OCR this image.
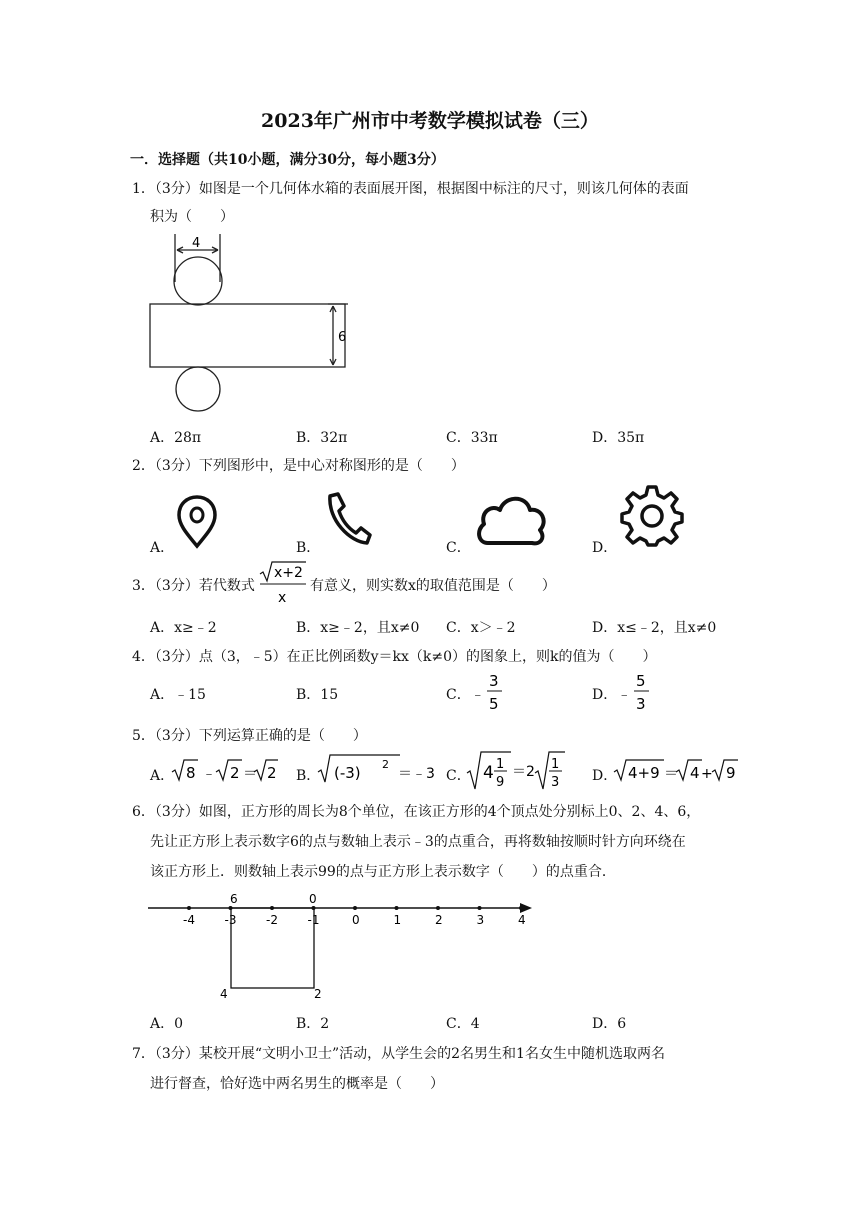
2023年广州市中考数学模拟试卷（三）
一．选择题（共10小题，满分30分，每小题3分）
1．（3分）如图是一个几何体水箱的表面展开图，根据图中标注的尺寸，则该几何体的表面
积为（　　）
4
6
A．28π	B．32π	C．33π	D．35π
2．（3分）下列图形中，是中心对称图形的是（　　）
A．	B．	C．	D．
3．（3分）若代数式
x+2
x
有意义，则实数x的取值范围是（　　）
A．x≥﹣2	B．x≥﹣2，且x≠0 C．x＞﹣2	D．x≤﹣2，且x≠0
4．（3分）点（3，﹣5）在正比例函数y＝kx（k≠0）的图象上，则k的值为（　　）
A．﹣15	B．15	C．﹣
3
5	D．﹣
5
3
5．（3分）下列运算正确的是（　　）
A． 8 ﹣ 2 ＝ 2 B． (-3) 2
＝﹣3 C． 4 1
9
＝2 1
3 D． 4+9 ＝ 4 + 9
6．（3分）如图，正方形的周长为8个单位，在该正方形的4个顶点处分别标上0、2、4、6，
先让正方形上表示数字6的点与数轴上表示﹣3的点重合，再将数轴按顺时针方向环绕在
该正方形上．则数轴上表示99的点与正方形上表示数字（　　）的点重合．
-4 -3 -2 -1	0	1	2	3	4
6	0
4	2
A．0	B．2	C．4	D．6
7．（3分）某校开展“文明小卫士”活动，从学生会的2名男生和1名女生中随机选取两名
进行督查，恰好选中两名男生的概率是（　　）
